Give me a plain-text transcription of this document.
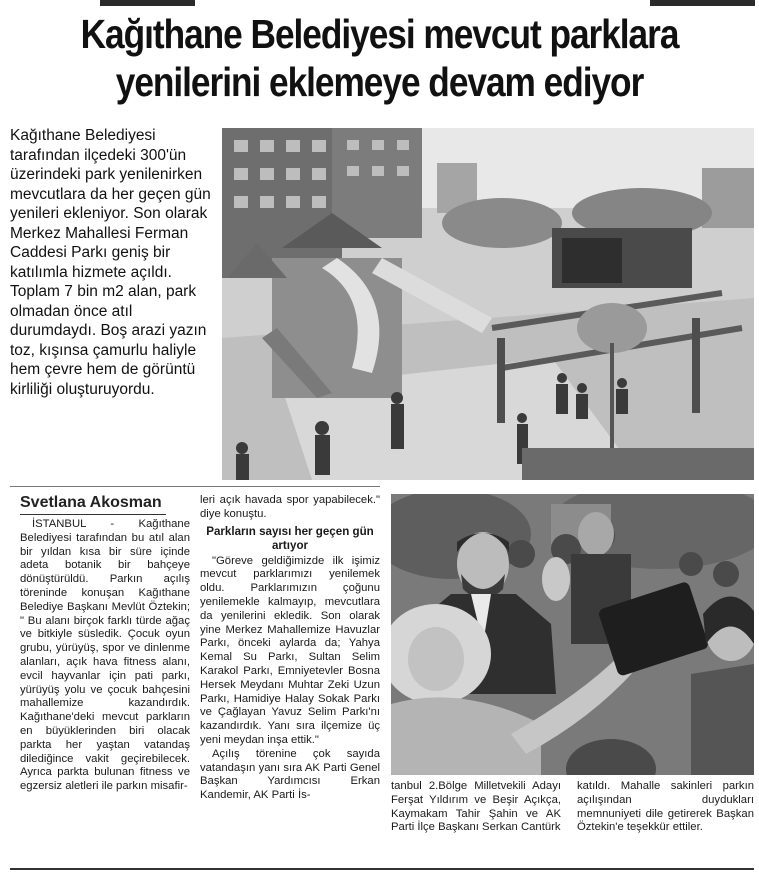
Kağıthane Belediyesi mevcut parklara
yenilerini eklemeye devam ediyor

Kağıthane Belediyesi tarafından ilçedeki 300'ün üzerindeki park yenilenirken mevcutlara da her geçen gün yenileri ekleniyor. Son olarak Merkez Mahallesi Ferman Caddesi Parkı geniş bir katılımla hizmete açıldı. Toplam 7 bin m2 alan, park olmadan önce atıl durumdaydı. Boş arazi yazın toz, kışınsa çamurlu haliyle hem çevre hem de görüntü kirliliği oluşturuyordu.

Svetlana Akosman

İSTANBUL - Kağıthane Belediyesi tarafından bu atıl alan bir yıldan kısa bir süre içinde adeta botanik bir bahçeye dönüştürüldü. Parkın açılış töreninde konuşan Kağıthane Belediye Başkanı Mevlüt Öztekin; " Bu alanı birçok farklı türde ağaç ve bitkiyle süsledik. Çocuk oyun grubu, yürüyüş, spor ve dinlenme alanları, açık hava fitness alanı, evcil hayvanlar için pati parkı, yürüyüş yolu ve çocuk bahçesini mahallemize kazandırdık. Kağıthane'deki mevcut parkların en büyüklerinden biri olacak parkta her yaştan vatandaş dilediğince vakit geçirebilecek. Ayrıca parkta bulunan fitness ve egzersiz aletleri ile parkın misafir-

leri açık havada spor yapabilecek." diye konuştu.

Parkların sayısı her geçen gün artıyor

"Göreve geldiğimizde ilk işimiz mevcut parklarımızı yenilemek oldu. Parklarımızın çoğunu yenilemekle kalmayıp, mevcutlara da yenilerini ekledik. Son olarak yine Merkez Mahallemize Havuzlar Parkı, önceki aylarda da; Yahya Kemal Su Parkı, Sultan Selim Karakol Parkı, Emniyetevler Bosna Hersek Meydanı Muhtar Zeki Uzun Parkı, Hamidiye Halay Sokak Parkı ve Çağlayan Yavuz Selim Parkı'nı kazandırdık. Yanı sıra ilçemize üç yeni meydan inşa ettik."

Açılış törenine çok sayıda vatandaşın yanı sıra AK Parti Genel Başkan Yardımcısı Erkan Kandemir, AK Parti İs-

tanbul 2.Bölge Milletvekili Adayı Ferşat Yıldırım ve Beşir Açıkça, Kaymakam Tahir Şahin ve AK Parti İlçe Başkanı Serkan Cantürk

katıldı. Mahalle sakinleri parkın açılışından duydukları memnuniyeti dile getirerek Başkan Öztekin'e teşekkür ettiler.
